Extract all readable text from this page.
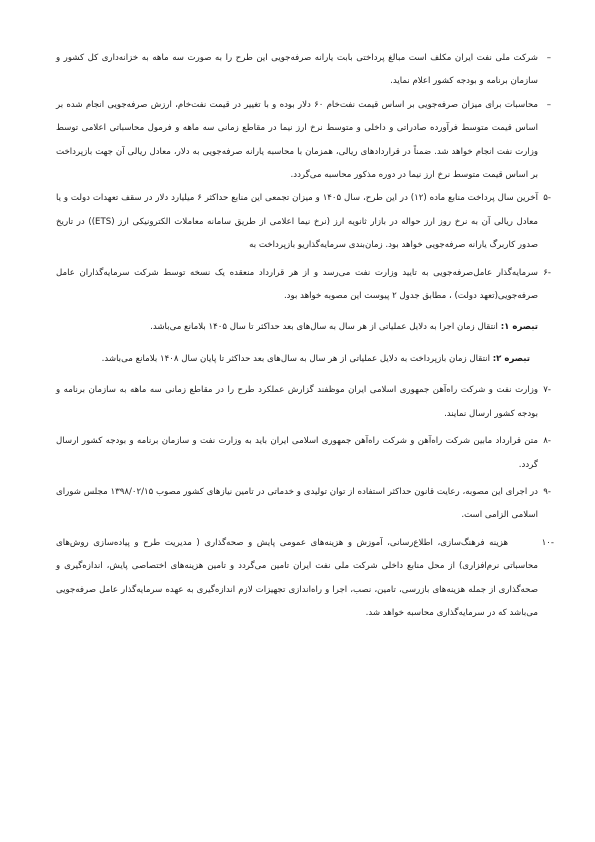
–
شرکت ملی نفت ایران مکلف است مبالغ پرداختی بابت یارانه صرفه‌جویی این طرح را به صورت سه ماهه به خزانه‌داری کل کشور و سازمان برنامه و بودجه کشور اعلام نماید.

–
محاسبات برای میزان صرفه‌جویی بر اساس قیمت نفت‌خام ۶۰ دلار بوده و با تغییر در قیمت نفت‌خام، ارزش صرفه‌جویی انجام شده بر اساس قیمت متوسط فرآورده صادراتی و داخلی و متوسط نرخ ارز نیما در مقاطع زمانی سه ماهه و فرمول محاسباتی اعلامی توسط وزارت نفت انجام خواهد شد. ضمناً در قراردادهای ریالی، همزمان با محاسبه یارانه صرفه‌جویی به دلار، معادل ریالی آن جهت بازپرداخت بر اساس قیمت متوسط نرخ ارز نیما در دوره مذکور محاسبه می‌گردد.

-۵
آخرین سال پرداخت منابع ماده (۱۲) در این طرح، سال ۱۴۰۵ و میزان تجمعی این منابع حداکثر ۶ میلیارد دلار در سقف تعهدات دولت و یا معادل ریالی آن به نرخ روز ارز حواله در بازار ثانویه ارز (نرخ نیما اعلامی از طریق سامانه معاملات الکترونیکی ارز (ETS)) در تاریخ صدور کاربرگ یارانه صرفه‌جویی خواهد بود. زمان‌بندی سرمایه‌گذاریو بازپرداخت به

-۶
سرمایه‌گذار عامل‌صرفه‌جویی به تایید وزارت نفت می‌رسد و از هر قرارداد منعقده یک نسخه توسط شرکت سرمایه‌گذاران عامل صرفه‌جویی(تعهد دولت) ، مطابق جدول ۲ پیوست این مصوبه خواهد بود.

تبصره ۱: انتقال زمان اجرا به دلایل عملیاتی از هر سال به سال‌های بعد حداکثر تا سال ۱۴۰۵ بلامانع می‌باشد.

تبصره ۲: انتقال زمان بازپرداخت به دلایل عملیاتی از هر سال به سال‌های بعد حداکثر تا پایان سال ۱۴۰۸ بلامانع می‌باشد.

-۷
وزارت نفت و شرکت راه‌آهن جمهوری اسلامی ایران موظفند گزارش عملکرد طرح را در مقاطع زمانی سه ماهه به سازمان برنامه و بودجه کشور ارسال نمایند.

-۸
متن قرارداد مابین شرکت راه‌آهن و شرکت راه‌آهن جمهوری اسلامی ایران باید به وزارت نفت و سازمان برنامه و بودجه کشور ارسال گردد.

-۹
در اجرای این مصوبه، رعایت قانون حداکثر استفاده از توان تولیدی و خدماتی در تامین نیازهای کشور مصوب ۱۳۹۸/۰۲/۱۵ مجلس شورای اسلامی الزامی است.

-۱۰
هزینه فرهنگ‌سازی، اطلاع‌رسانی، آموزش و هزینه‌های عمومی پایش و صحه‌گذاری ( مدیریت طرح و پیاده‌سازی روش‌های محاسباتی نرم‌افزاری) از محل منابع داخلی شرکت ملی نفت ایران تامین می‌گردد و تامین هزینه‌های اختصاصی پایش، اندازه‌گیری و صحه‌گذاری از جمله هزینه‌های بازرسی، تامین، نصب، اجرا و راه‌اندازی تجهیزات لازم اندازه‌گیری به عهده سرمایه‌گذار عامل صرفه‌جویی می‌باشد که در سرمایه‌گذاری محاسبه خواهد شد.
